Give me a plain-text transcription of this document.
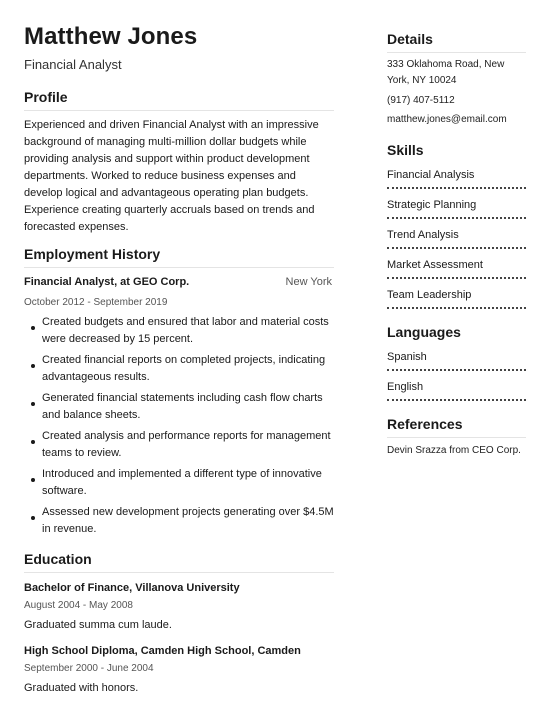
Matthew Jones
Financial Analyst
Profile
Experienced and driven Financial Analyst with an impressive background of managing multi-million dollar budgets while providing analysis and support within product development departments. Worked to reduce business expenses and develop logical and advantageous operating plan budgets. Experience creating quarterly accruals based on trends and forecasted expenses.
Employment History
Financial Analyst, at GEO Corp.	New York
October 2012 - September 2019
Created budgets and ensured that labor and material costs were decreased by 15 percent.
Created financial reports on completed projects, indicating advantageous results.
Generated financial statements including cash flow charts and balance sheets.
Created analysis and performance reports for management teams to review.
Introduced and implemented a different type of innovative software.
Assessed new development projects generating over $4.5M in revenue.
Education
Bachelor of Finance, Villanova University
August 2004 - May 2008
Graduated summa cum laude.
High School Diploma, Camden High School, Camden
September 2000 - June 2004
Graduated with honors.
Details
333 Oklahoma Road, New York, NY 10024
(917) 407-5112
matthew.jones@email.com
Skills
Financial Analysis
Strategic Planning
Trend Analysis
Market Assessment
Team Leadership
Languages
Spanish
English
References
Devin Srazza from CEO Corp.
